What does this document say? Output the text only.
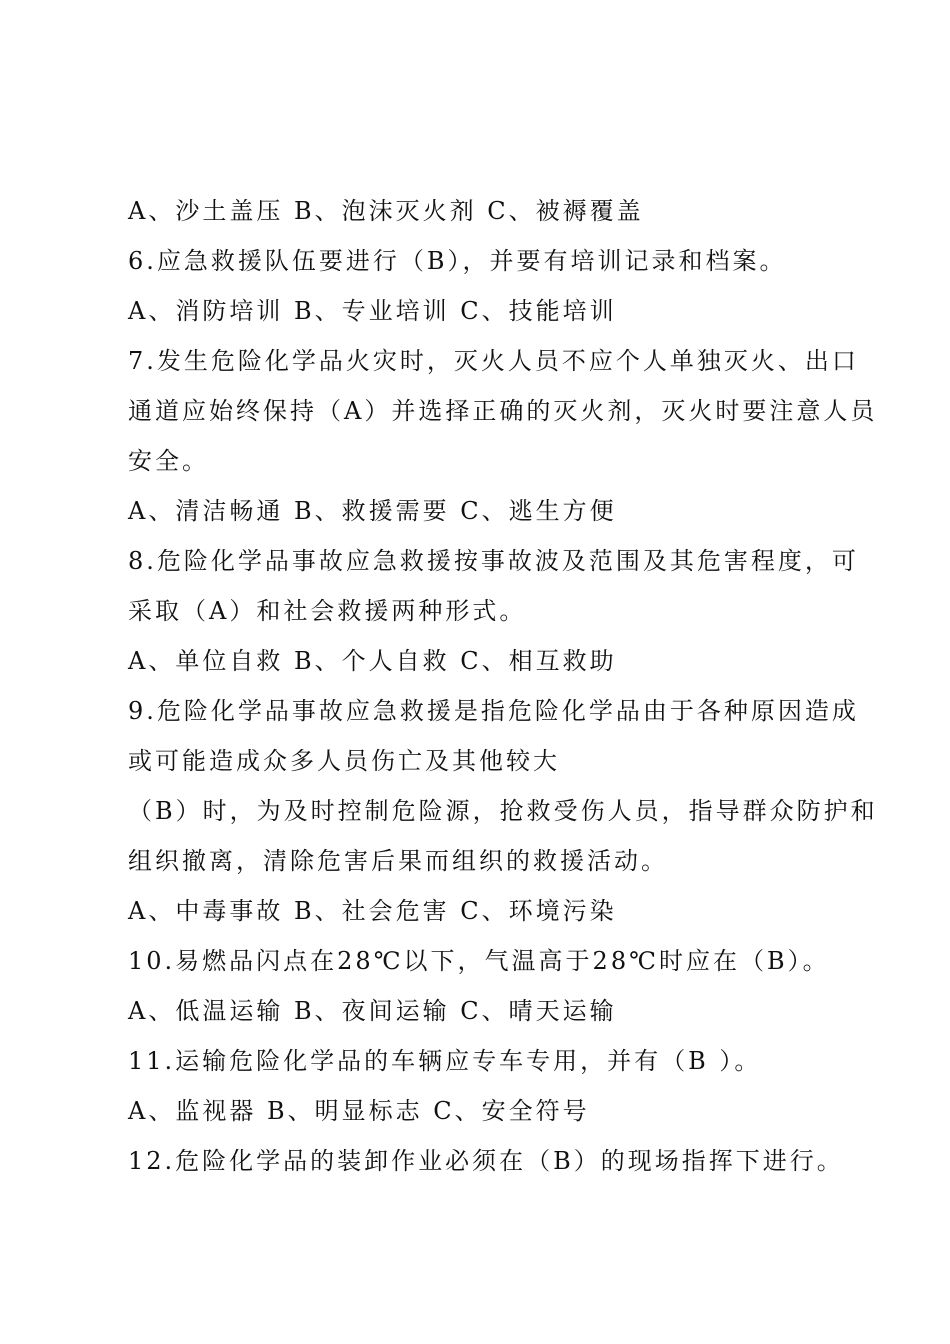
A、沙土盖压 B、泡沫灭火剂 C、被褥覆盖
6.应急救援队伍要进行（B），并要有培训记录和档案。
A、消防培训 B、专业培训 C、技能培训
7.发生危险化学品火灾时，灭火人员不应个人单独灭火、出口
通道应始终保持（A）并选择正确的灭火剂，灭火时要注意人员
安全。
A、清洁畅通 B、救援需要 C、逃生方便
8.危险化学品事故应急救援按事故波及范围及其危害程度，可
采取（A）和社会救援两种形式。
A、单位自救 B、个人自救 C、相互救助
9.危险化学品事故应急救援是指危险化学品由于各种原因造成
或可能造成众多人员伤亡及其他较大
（B）时，为及时控制危险源，抢救受伤人员，指导群众防护和
组织撤离，清除危害后果而组织的救援活动。
A、中毒事故 B、社会危害 C、环境污染
10.易燃品闪点在28℃以下，气温高于28℃时应在（B）。
A、低温运输 B、夜间运输 C、晴天运输
11.运输危险化学品的车辆应专车专用，并有（B ）。
A、监视器 B、明显标志 C、安全符号
12.危险化学品的装卸作业必须在（B）的现场指挥下进行。
